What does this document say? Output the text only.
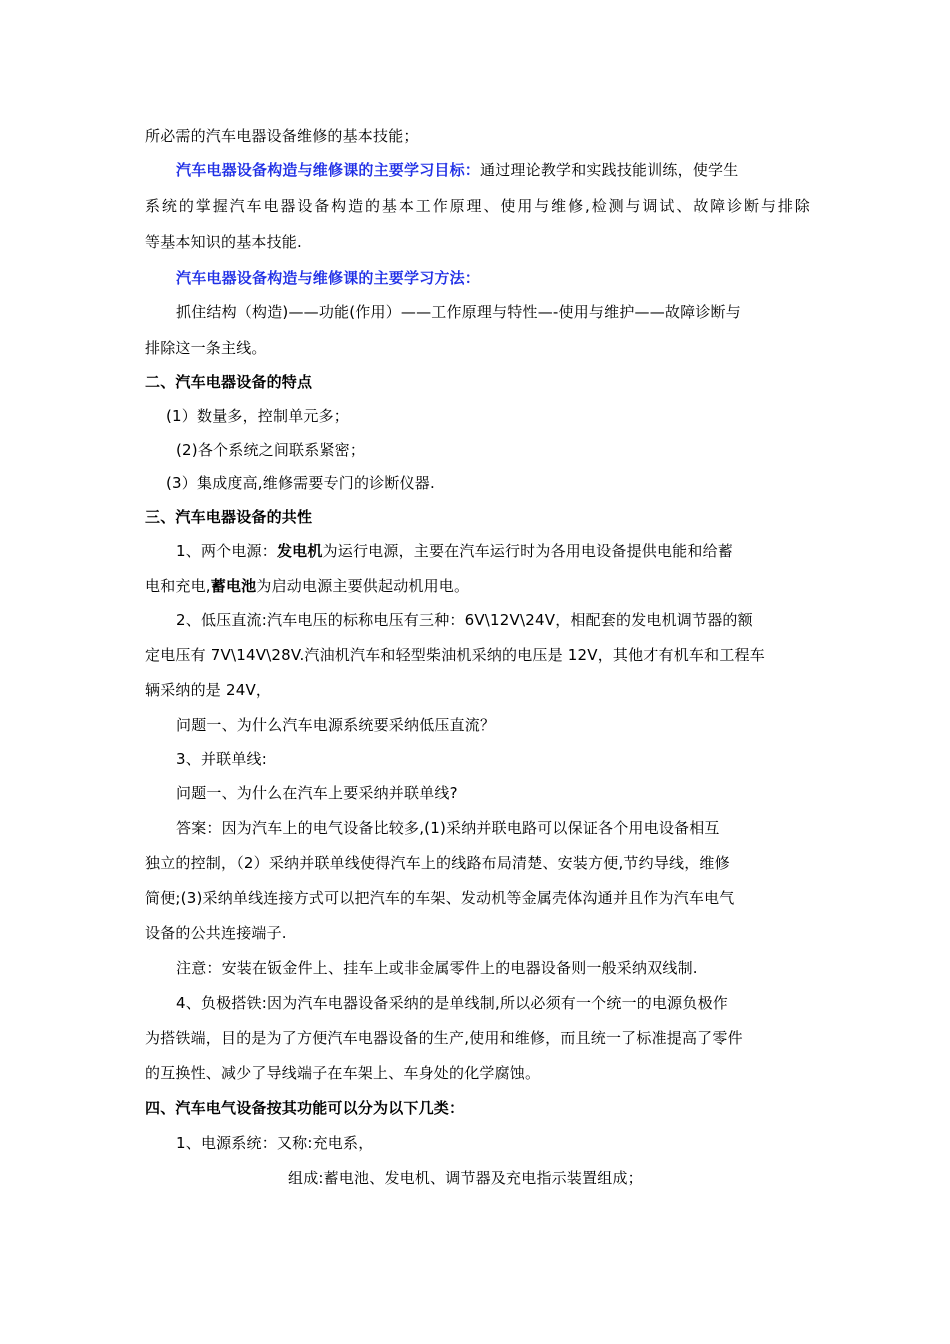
所必需的汽车电器设备维修的基本技能；
汽车电器设备构造与维修课的主要学习目标：通过理论教学和实践技能训练，使学生
系统的掌握汽车电器设备构造的基本工作原理、使用与维修,检测与调试、故障诊断与排除
等基本知识的基本技能.
汽车电器设备构造与维修课的主要学习方法：
抓住结构（构造)——功能(作用）——工作原理与特性—-使用与维护——故障诊断与
排除这一条主线。
二、汽车电器设备的特点
(1）数量多，控制单元多；
(2)各个系统之间联系紧密；
(3）集成度高,维修需要专门的诊断仪器.
三、汽车电器设备的共性
1、两个电源：发电机为运行电源，主要在汽车运行时为各用电设备提供电能和给蓄
电和充电,蓄电池为启动电源主要供起动机用电。
2、低压直流:汽车电压的标称电压有三种：6V\12V\24V，相配套的发电机调节器的额
定电压有 7V\14V\28V.汽油机汽车和轻型柴油机采纳的电压是 12V，其他才有机车和工程车
辆采纳的是 24V，
问题一、为什么汽车电源系统要采纳低压直流？
3、并联单线:
问题一、为什么在汽车上要采纳并联单线?
答案：因为汽车上的电气设备比较多,(1)采纳并联电路可以保证各个用电设备相互
独立的控制，（2）采纳并联单线使得汽车上的线路布局清楚、安装方便,节约导线，维修
简便;(3)采纳单线连接方式可以把汽车的车架、发动机等金属壳体沟通并且作为汽车电气
设备的公共连接端子.
注意：安装在钣金件上、挂车上或非金属零件上的电器设备则一般采纳双线制.
4、负极搭铁:因为汽车电器设备采纳的是单线制,所以必须有一个统一的电源负极作
为搭铁端，目的是为了方便汽车电器设备的生产,使用和维修，而且统一了标准提高了零件
的互换性、减少了导线端子在车架上、车身处的化学腐蚀。
四、汽车电气设备按其功能可以分为以下几类：
1、电源系统：又称:充电系，
组成:蓄电池、发电机、调节器及充电指示装置组成；
